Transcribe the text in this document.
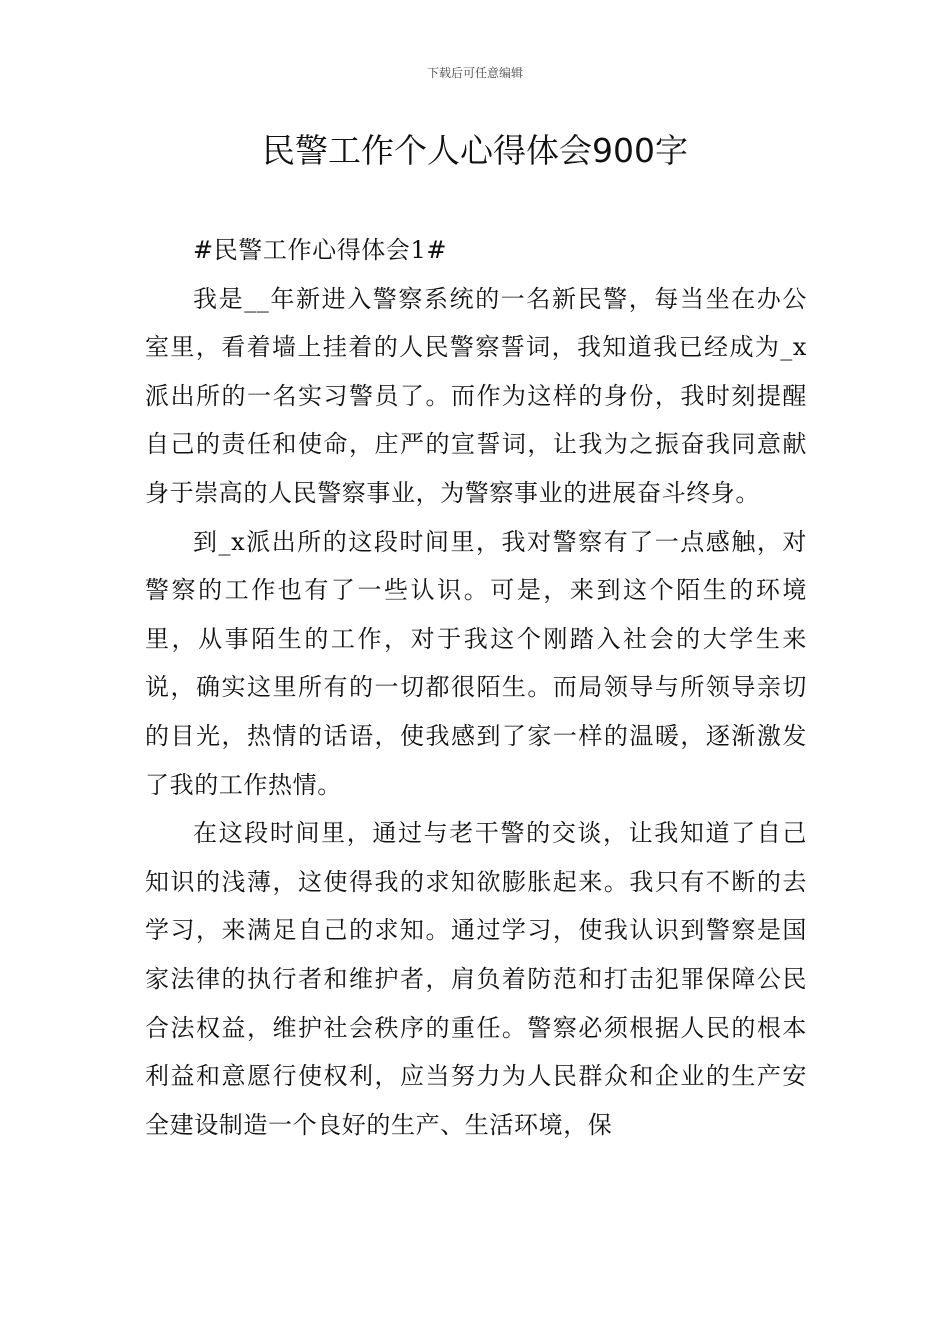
下载后可任意编辑
民警工作个人心得体会900字

#民警工作心得体会1#

我是__年新进入警察系统的一名新民警，每当坐在办公室里，看着墙上挂着的人民警察誓词，我知道我已经成为_x派出所的一名实习警员了。而作为这样的身份，我时刻提醒自己的责任和使命，庄严的宣誓词，让我为之振奋我同意献身于崇高的人民警察事业，为警察事业的进展奋斗终身。

到_x派出所的这段时间里，我对警察有了一点感触，对警察的工作也有了一些认识。可是，来到这个陌生的环境里，从事陌生的工作，对于我这个刚踏入社会的大学生来说，确实这里所有的一切都很陌生。而局领导与所领导亲切的目光，热情的话语，使我感到了家一样的温暖，逐渐激发了我的工作热情。

在这段时间里，通过与老干警的交谈，让我知道了自己知识的浅薄，这使得我的求知欲膨胀起来。我只有不断的去学习，来满足自己的求知。通过学习，使我认识到警察是国家法律的执行者和维护者，肩负着防范和打击犯罪保障公民合法权益，维护社会秩序的重任。警察必须根据人民的根本利益和意愿行使权利，应当努力为人民群众和企业的生产安全建设制造一个良好的生产、生活环境，保
